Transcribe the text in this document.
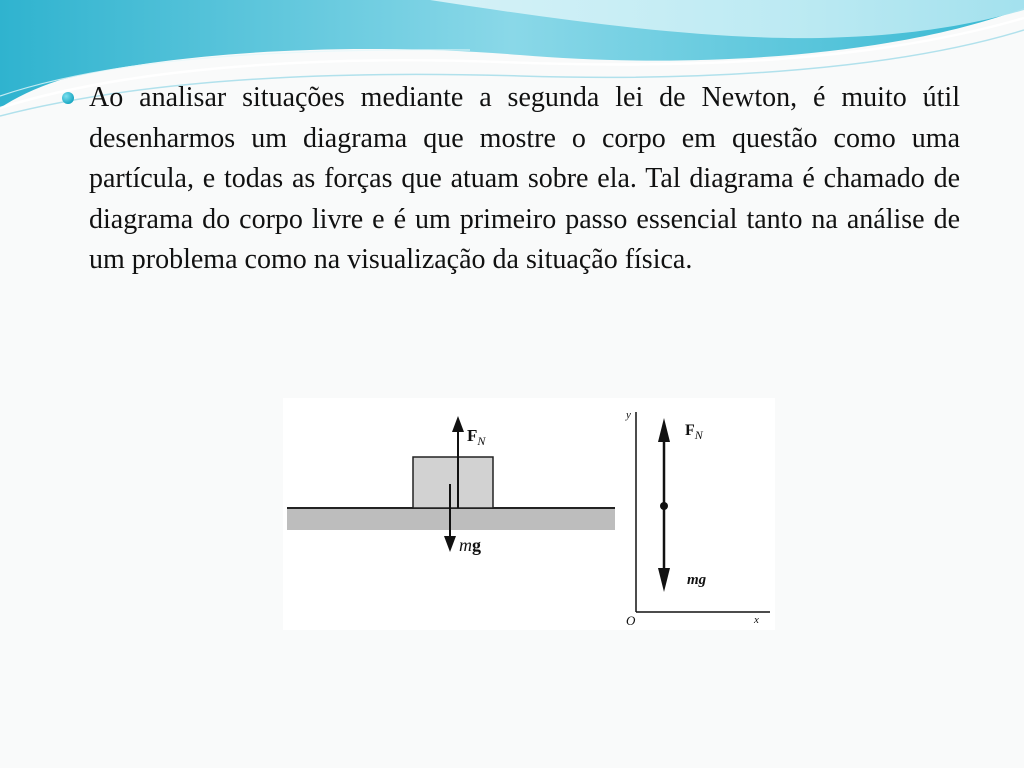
Ao analisar situações mediante a segunda lei de Newton, é muito útil desenharmos um diagrama que mostre o corpo em questão como uma partícula, e todas as forças que atuam sobre ela. Tal diagrama é chamado de diagrama do corpo livre e é um primeiro passo essencial tanto na análise de um problema como na visualização da situação física.

$F_N$
mg
y
x
O
$F_N$
mg
